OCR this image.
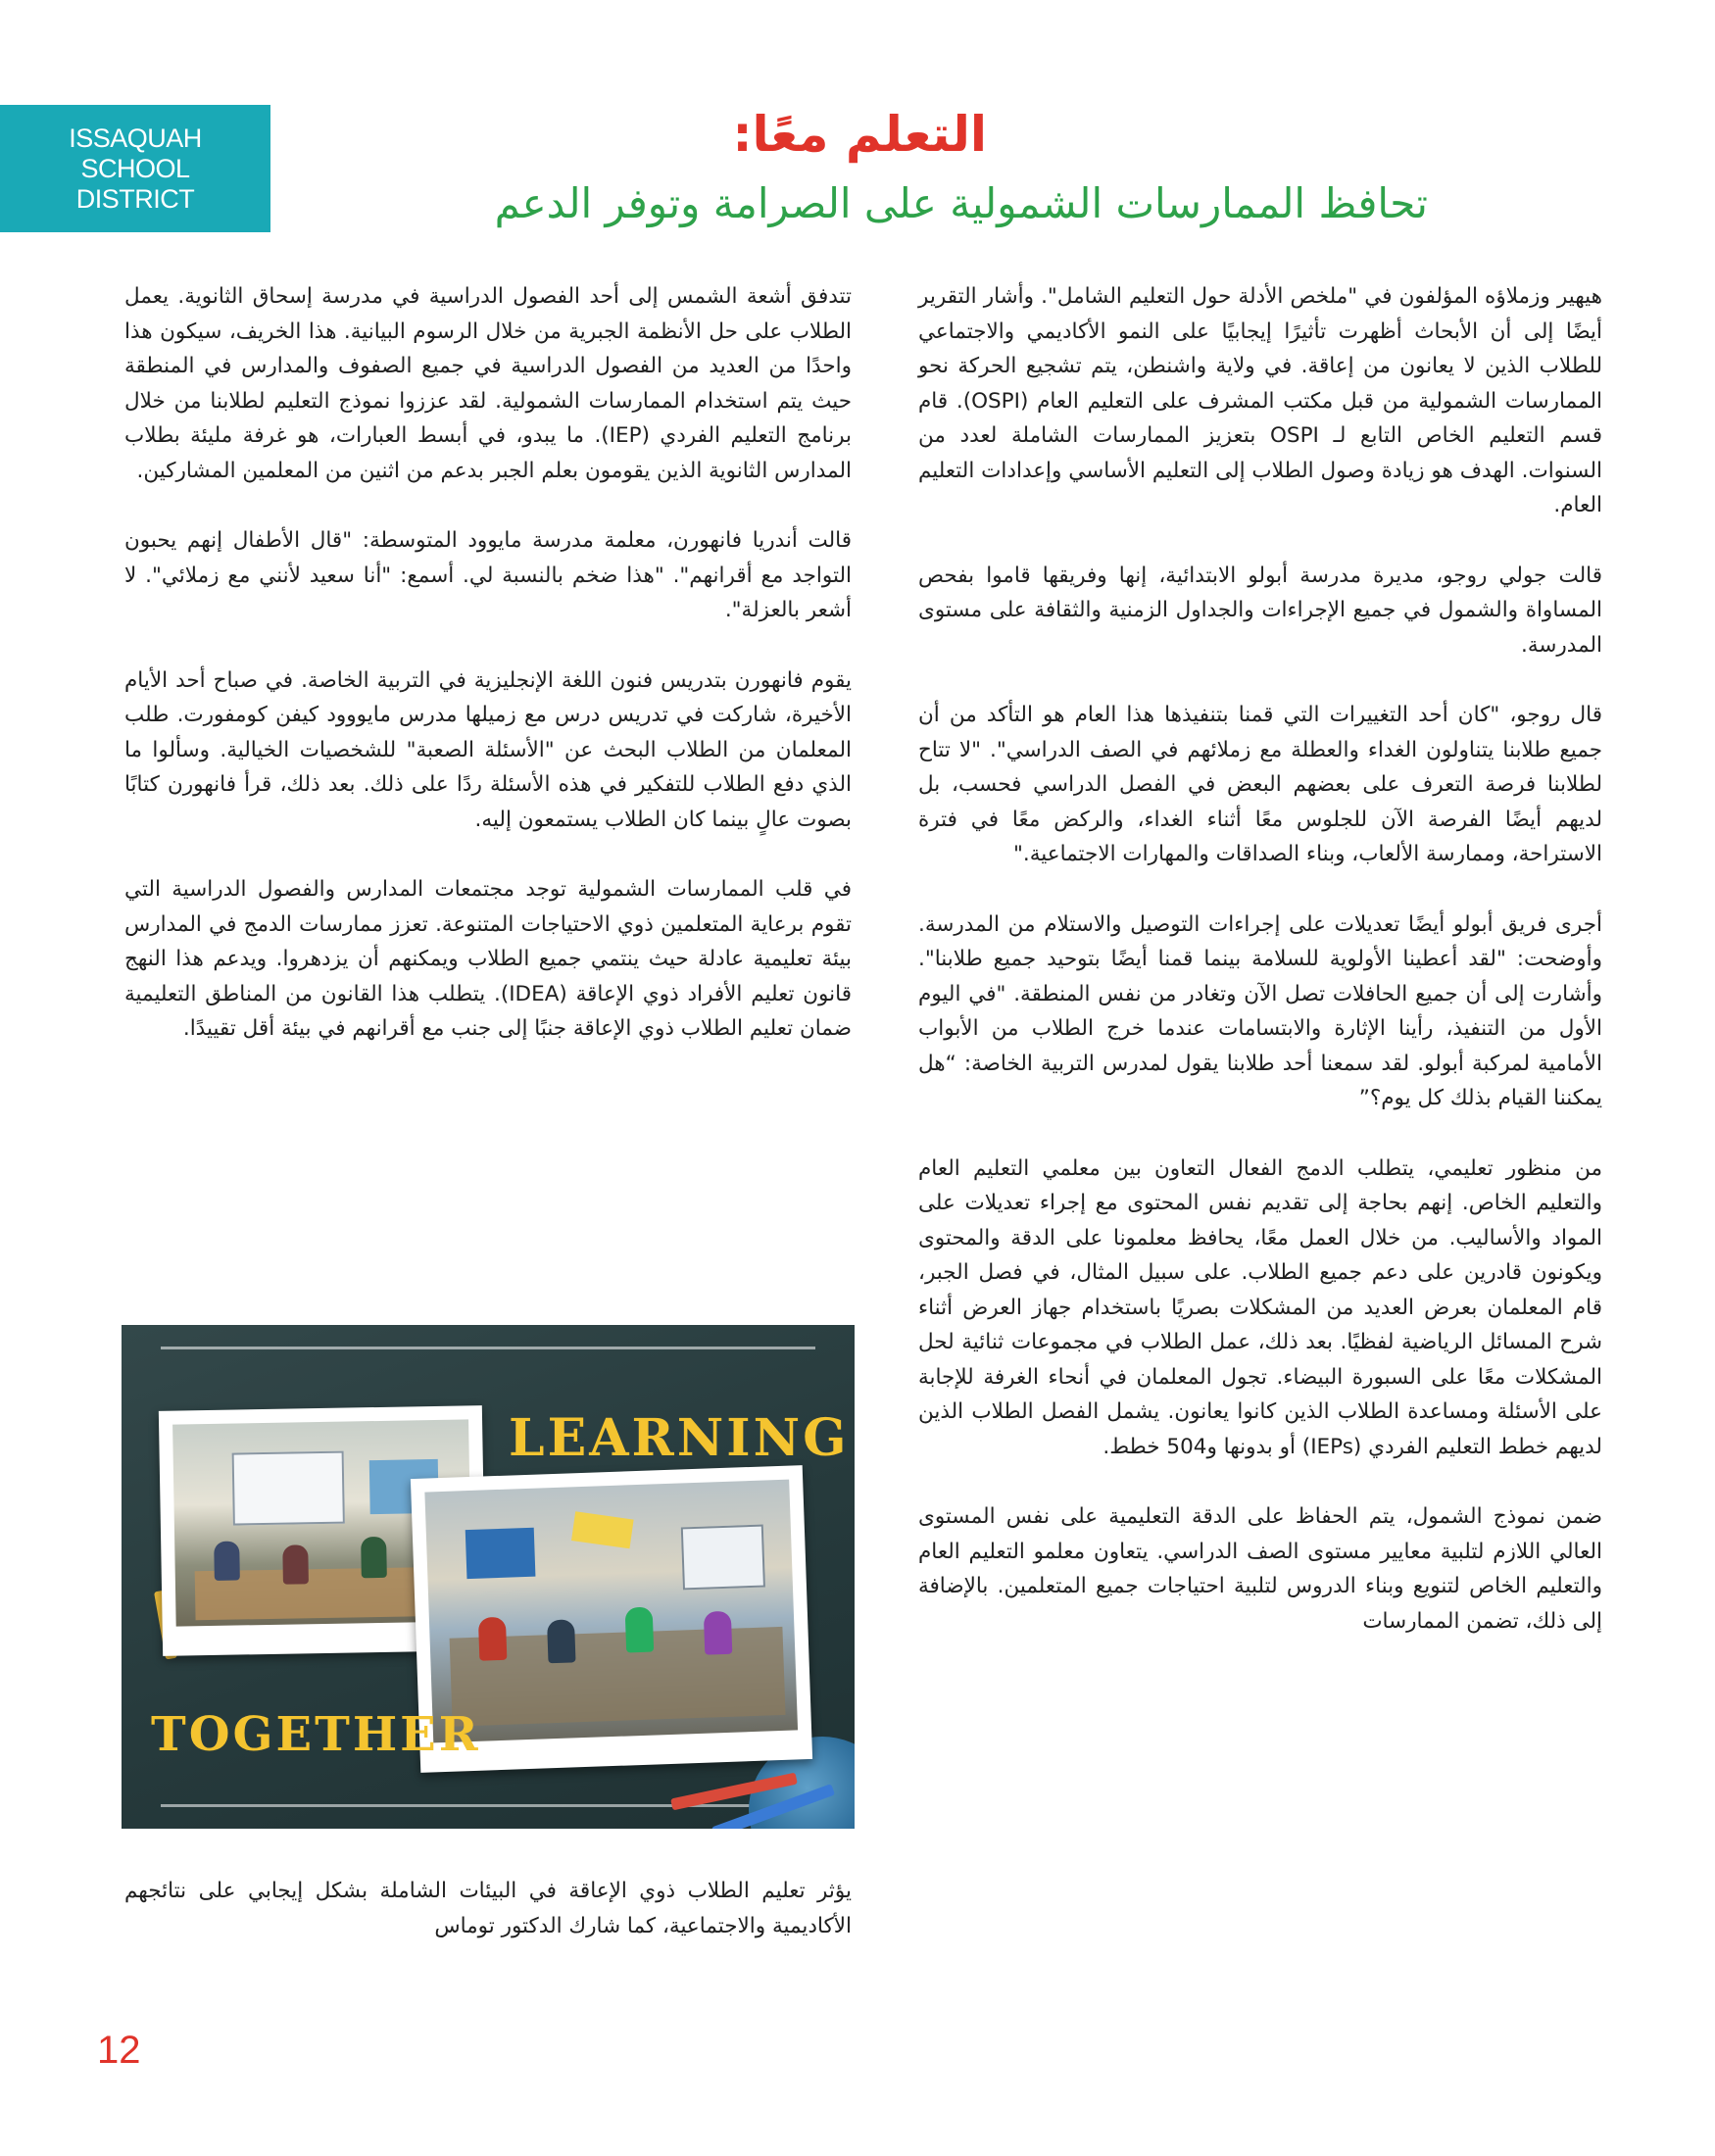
ISSAQUAH
SCHOOL
DISTRICT
التعلم معًا:
تحافظ الممارسات الشمولية على الصرامة وتوفر الدعم

هيهير وزملاؤه المؤلفون في "ملخص الأدلة حول التعليم الشامل". وأشار التقرير أيضًا إلى أن الأبحاث أظهرت تأثيرًا إيجابيًا على النمو الأكاديمي والاجتماعي للطلاب الذين لا يعانون من إعاقة. في ولاية واشنطن، يتم تشجيع الحركة نحو الممارسات الشمولية من قبل مكتب المشرف على التعليم العام (OSPI). قام قسم التعليم الخاص التابع لـ OSPI بتعزيز الممارسات الشاملة لعدد من السنوات. الهدف هو زيادة وصول الطلاب إلى التعليم الأساسي وإعدادات التعليم العام.

قالت جولي روجو، مديرة مدرسة أبولو الابتدائية، إنها وفريقها قاموا بفحص المساواة والشمول في جميع الإجراءات والجداول الزمنية والثقافة على مستوى المدرسة.

قال روجو، "كان أحد التغييرات التي قمنا بتنفيذها هذا العام هو التأكد من أن جميع طلابنا يتناولون الغداء والعطلة مع زملائهم في الصف الدراسي". "لا تتاح لطلابنا فرصة التعرف على بعضهم البعض في الفصل الدراسي فحسب، بل لديهم أيضًا الفرصة الآن للجلوس معًا أثناء الغداء، والركض معًا في فترة الاستراحة، وممارسة الألعاب، وبناء الصداقات والمهارات الاجتماعية."

أجرى فريق أبولو أيضًا تعديلات على إجراءات التوصيل والاستلام من المدرسة. وأوضحت: "لقد أعطينا الأولوية للسلامة بينما قمنا أيضًا بتوحيد جميع طلابنا". وأشارت إلى أن جميع الحافلات تصل الآن وتغادر من نفس المنطقة. "في اليوم الأول من التنفيذ، رأينا الإثارة والابتسامات عندما خرج الطلاب من الأبواب الأمامية لمركبة أبولو. لقد سمعنا أحد طلابنا يقول لمدرس التربية الخاصة: “هل يمكننا القيام بذلك كل يوم؟”

من منظور تعليمي، يتطلب الدمج الفعال التعاون بين معلمي التعليم العام والتعليم الخاص. إنهم بحاجة إلى تقديم نفس المحتوى مع إجراء تعديلات على المواد والأساليب. من خلال العمل معًا، يحافظ معلمونا على الدقة والمحتوى ويكونون قادرين على دعم جميع الطلاب. على سبيل المثال، في فصل الجبر، قام المعلمان بعرض العديد من المشكلات بصريًا باستخدام جهاز العرض أثناء شرح المسائل الرياضية لفظيًا. بعد ذلك، عمل الطلاب في مجموعات ثنائية لحل المشكلات معًا على السبورة البيضاء. تجول المعلمان في أنحاء الغرفة للإجابة على الأسئلة ومساعدة الطلاب الذين كانوا يعانون. يشمل الفصل الطلاب الذين لديهم خطط التعليم الفردي (IEPs) أو بدونها و504 خطط.

ضمن نموذج الشمول، يتم الحفاظ على الدقة التعليمية على نفس المستوى العالي اللازم لتلبية معايير مستوى الصف الدراسي. يتعاون معلمو التعليم العام والتعليم الخاص لتنويع وبناء الدروس لتلبية احتياجات جميع المتعلمين. بالإضافة إلى ذلك، تضمن الممارسات

تتدفق أشعة الشمس إلى أحد الفصول الدراسية في مدرسة إسحاق الثانوية. يعمل الطلاب على حل الأنظمة الجبرية من خلال الرسوم البيانية. هذا الخريف، سيكون هذا واحدًا من العديد من الفصول الدراسية في جميع الصفوف والمدارس في المنطقة حيث يتم استخدام الممارسات الشمولية. لقد عززوا نموذج التعليم لطلابنا من خلال برنامج التعليم الفردي (IEP). ما يبدو، في أبسط العبارات، هو غرفة مليئة بطلاب المدارس الثانوية الذين يقومون بعلم الجبر بدعم من اثنين من المعلمين المشاركين.

قالت أندريا فانهورن، معلمة مدرسة مايوود المتوسطة: "قال الأطفال إنهم يحبون التواجد مع أقرانهم". "هذا ضخم بالنسبة لي. أسمع: "أنا سعيد لأنني مع زملائي". لا أشعر بالعزلة".

يقوم فانهورن بتدريس فنون اللغة الإنجليزية في التربية الخاصة. في صباح أحد الأيام الأخيرة، شاركت في تدريس درس مع زميلها مدرس مايووود كيفن كومفورت. طلب المعلمان من الطلاب البحث عن "الأسئلة الصعبة" للشخصيات الخيالية. وسألوا ما الذي دفع الطلاب للتفكير في هذه الأسئلة ردًا على ذلك. بعد ذلك، قرأ فانهورن كتابًا بصوت عالٍ بينما كان الطلاب يستمعون إليه.

في قلب الممارسات الشمولية توجد مجتمعات المدارس والفصول الدراسية التي تقوم برعاية المتعلمين ذوي الاحتياجات المتنوعة. تعزز ممارسات الدمج في المدارس بيئة تعليمية عادلة حيث ينتمي جميع الطلاب ويمكنهم أن يزدهروا. ويدعم هذا النهج قانون تعليم الأفراد ذوي الإعاقة (IDEA). يتطلب هذا القانون من المناطق التعليمية ضمان تعليم الطلاب ذوي الإعاقة جنبًا إلى جنب مع أقرانهم في بيئة أقل تقييدًا.

LEARNING
TOGETHER

يؤثر تعليم الطلاب ذوي الإعاقة في البيئات الشاملة بشكل إيجابي على نتائجهم الأكاديمية والاجتماعية، كما شارك الدكتور توماس

12
